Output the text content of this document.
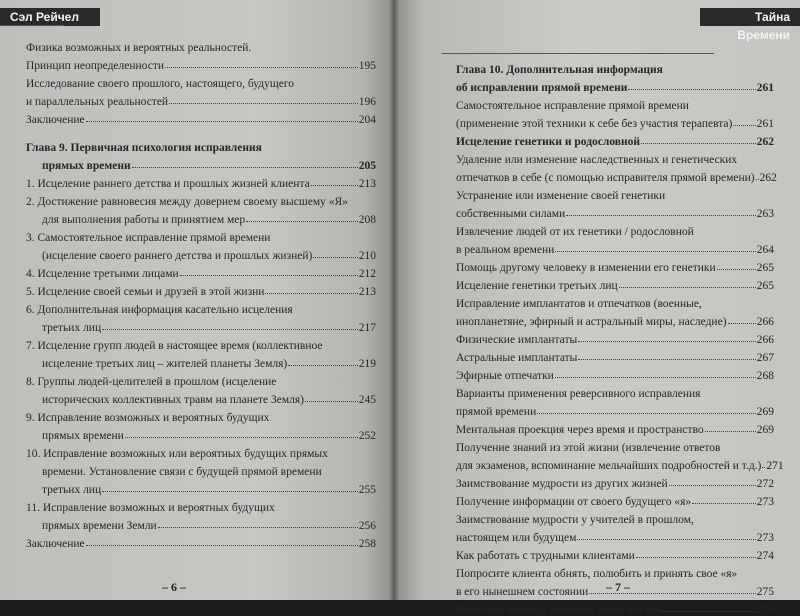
Сэл Рейчел
Физика возможных и вероятных реальностей.
Принцип неопределенности	195
Исследование своего прошлого, настоящего, будущего
и параллельных реальностей	196
Заключение	204
Глава 9. Первичная психология исправления
прямых времени	205
1. Исцеление раннего детства и прошлых жизней клиента	213
2. Достижение равновесия между доверием своему высшему «Я»
для выполнения работы и принятием мер	208
3. Самостоятельное исправление прямой времени
(исцеление своего раннего детства и прошлых жизней)	210
4. Исцеление третьими лицами	212
5. Исцеление своей семьи и друзей в этой жизни	213
6. Дополнительная информация касательно исцеления
третьих лиц	217
7. Исцеление групп людей в настоящее время (коллективное
исцеление третьих лиц – жителей планеты Земля)	219
8. Группы людей-целителей в прошлом (исцеление
исторических коллективных травм на планете Земля)	245
9. Исправление возможных и вероятных будущих
прямых времени	252
10. Исправление возможных или вероятных будущих прямых
времени. Установление связи с будущей прямой времени
третьих лиц	255
11. Исправление возможных и вероятных будущих
прямых времени Земли	256
Заключение	258
– 6 –
Тайна Времени
Глава 10. Дополнительная информация
об исправлении прямой времени	261
Самостоятельное исправление прямой времени
(применение этой техники к себе без участия терапевта) 261
Исцеление генетики и родословной	262
Удаление или изменение наследственных и генетических
отпечатков в себе (с помощью исправителя прямой времени) 262
Устранение или изменение своей генетики
собственными силами	263
Извлечение людей от их генетики / родословной
в реальном времени	264
Помощь другому человеку в изменении его генетики	265
Исцеление генетики третьих лиц	265
Исправление имплантатов и отпечатков (военные,
инопланетяне, эфирный и астральный миры, наследие)	266
Физические имплантаты	266
Астральные имплантаты	267
Эфирные отпечатки	268
Варианты применения реверсивного исправления
прямой времени	269
Ментальная проекция через время и пространство	269
Получение знаний из этой жизни (извлечение ответов
для экзаменов, вспоминание мельчайших подробностей и т.д.) 271
Заимствование мудрости из других жизней	272
Получение информации от своего будущего «я»	273
Заимствование мудрости у учителей в прошлом,
настоящем или будущем	273
Как работать с трудными клиентами	274
Попросите клиента обнять, полюбить и принять свое «я»
в его нынешнем состоянии	275
Помогите клиенту изменить образ его «я»	276
– 7 –
